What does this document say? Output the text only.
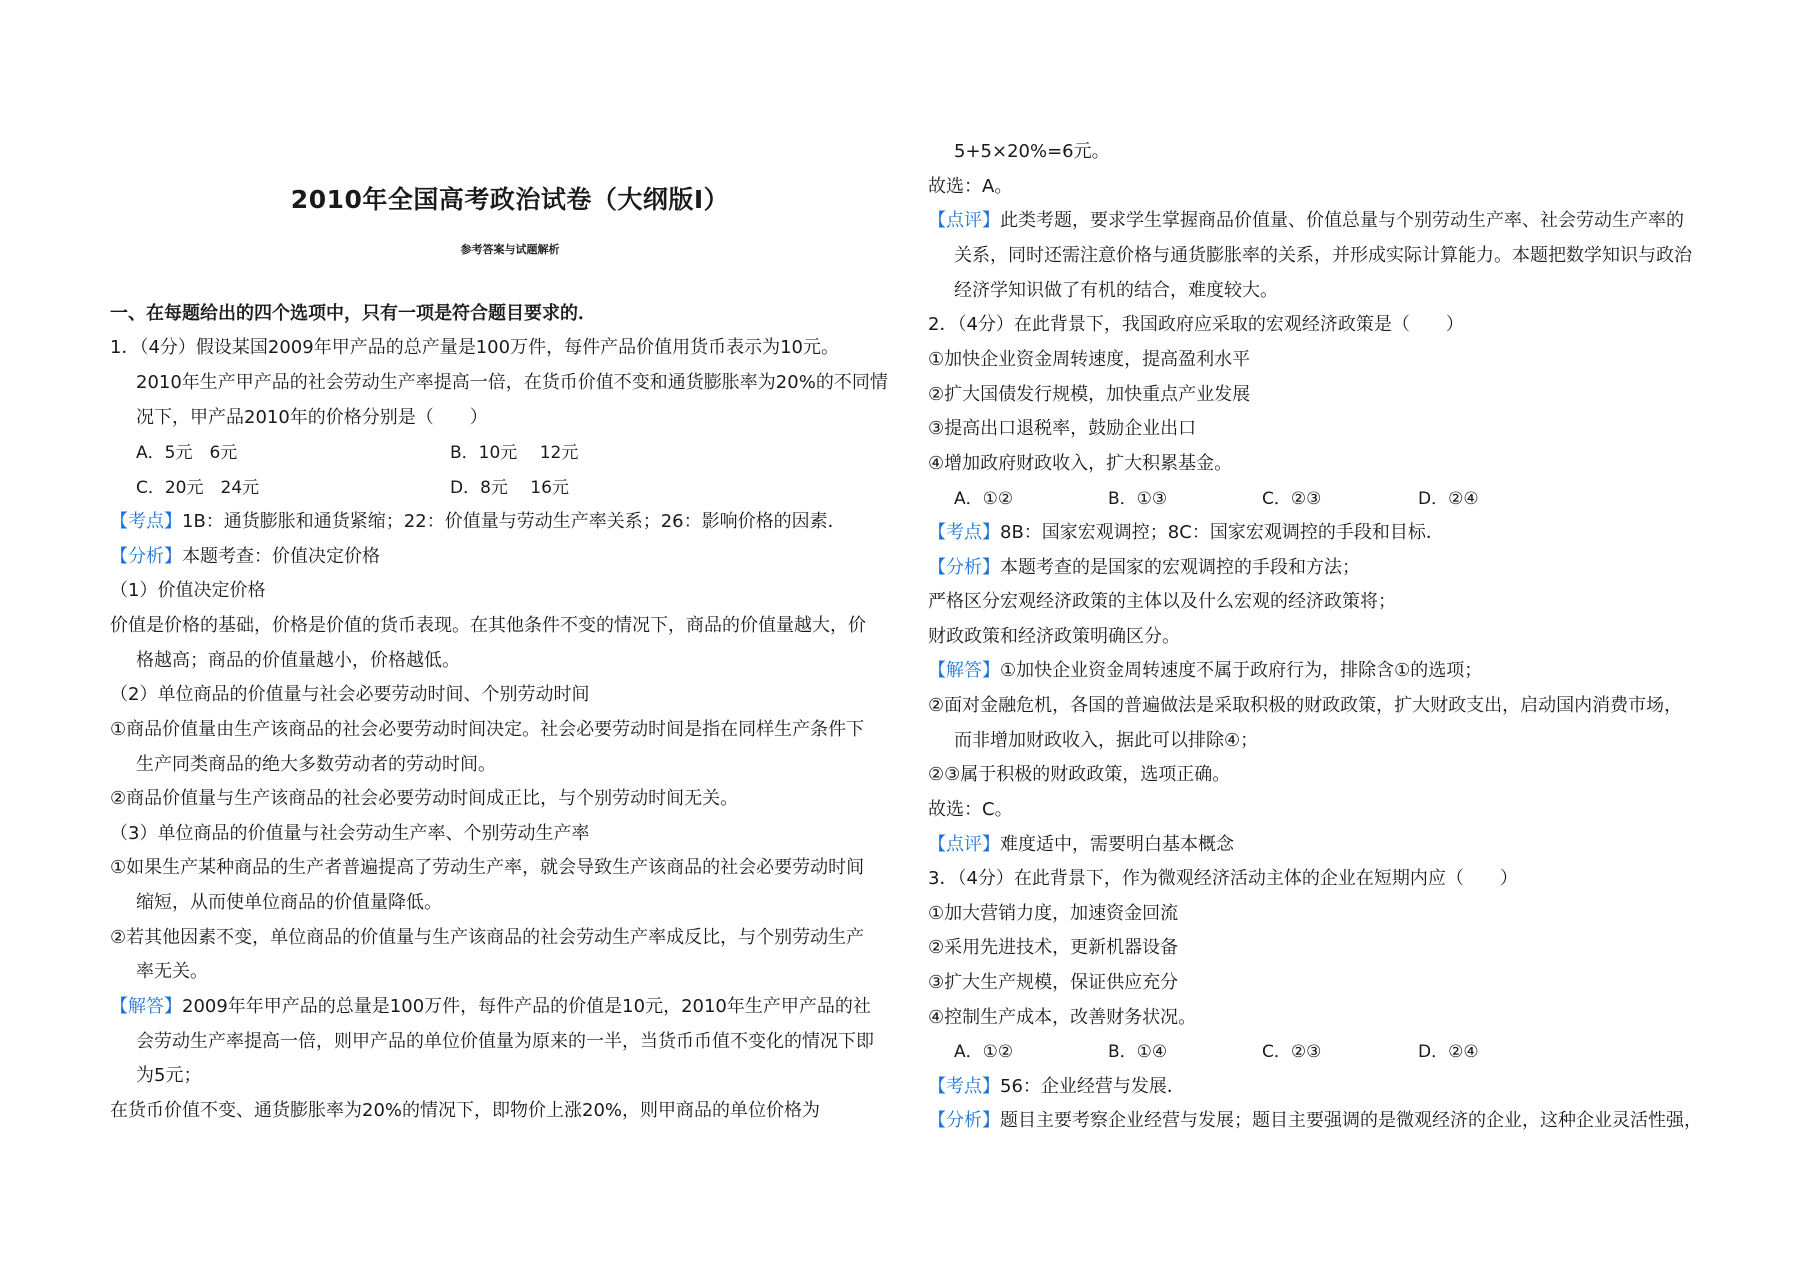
2010年全国高考政治试卷（大纲版I）
参考答案与试题解析
一、在每题给出的四个选项中，只有一项是符合题目要求的．
1．（4分）假设某国2009年甲产品的总产量是100万件，每件产品价值用货币表示为10元。
2010年生产甲产品的社会劳动生产率提高一倍，在货币价值不变和通货膨胀率为20%的不同情
况下，甲产品2010年的价格分别是（　　）
A．5元　6元	B．10元　 12元
C．20元　24元	D．8元　 16元
【考点】1B：通货膨胀和通货紧缩；22：价值量与劳动生产率关系；26：影响价格的因素．
【分析】本题考查：价值决定价格
（1）价值决定价格
价值是价格的基础，价格是价值的货币表现。在其他条件不变的情况下，商品的价值量越大，价
格越高；商品的价值量越小，价格越低。
（2）单位商品的价值量与社会必要劳动时间、个别劳动时间
①商品价值量由生产该商品的社会必要劳动时间决定。社会必要劳动时间是指在同样生产条件下
生产同类商品的绝大多数劳动者的劳动时间。
②商品价值量与生产该商品的社会必要劳动时间成正比，与个别劳动时间无关。
（3）单位商品的价值量与社会劳动生产率、个别劳动生产率
①如果生产某种商品的生产者普遍提高了劳动生产率，就会导致生产该商品的社会必要劳动时间
缩短，从而使单位商品的价值量降低。
②若其他因素不变，单位商品的价值量与生产该商品的社会劳动生产率成反比，与个别劳动生产
率无关。
【解答】2009年年甲产品的总量是100万件，每件产品的价值是10元，2010年生产甲产品的社
会劳动生产率提高一倍，则甲产品的单位价值量为原来的一半，当货币币值不变化的情况下即
为5元；
在货币价值不变、通货膨胀率为20%的情况下，即物价上涨20%，则甲商品的单位价格为
5+5×20%=6元。
故选：A。
【点评】此类考题，要求学生掌握商品价值量、价值总量与个别劳动生产率、社会劳动生产率的
关系，同时还需注意价格与通货膨胀率的关系，并形成实际计算能力。本题把数学知识与政治
经济学知识做了有机的结合，难度较大。
2．（4分）在此背景下，我国政府应采取的宏观经济政策是（　　）
①加快企业资金周转速度，提高盈利水平
②扩大国债发行规模，加快重点产业发展
③提高出口退税率，鼓励企业出口
④增加政府财政收入，扩大积累基金。
A．①②	B．①③	C．②③	D．②④
【考点】8B：国家宏观调控；8C：国家宏观调控的手段和目标．
【分析】本题考查的是国家的宏观调控的手段和方法；
严格区分宏观经济政策的主体以及什么宏观的经济政策将；
财政政策和经济政策明确区分。
【解答】①加快企业资金周转速度不属于政府行为，排除含①的选项；
②面对金融危机，各国的普遍做法是采取积极的财政政策，扩大财政支出，启动国内消费市场，
而非增加财政收入，据此可以排除④；
②③属于积极的财政政策，选项正确。
故选：C。
【点评】难度适中，需要明白基本概念
3．（4分）在此背景下，作为微观经济活动主体的企业在短期内应（　　）
①加大营销力度，加速资金回流
②采用先进技术，更新机器设备
③扩大生产规模，保证供应充分
④控制生产成本，改善财务状况。
A．①②	B．①④	C．②③	D．②④
【考点】56：企业经营与发展．
【分析】题目主要考察企业经营与发展；题目主要强调的是微观经济的企业，这种企业灵活性强，
